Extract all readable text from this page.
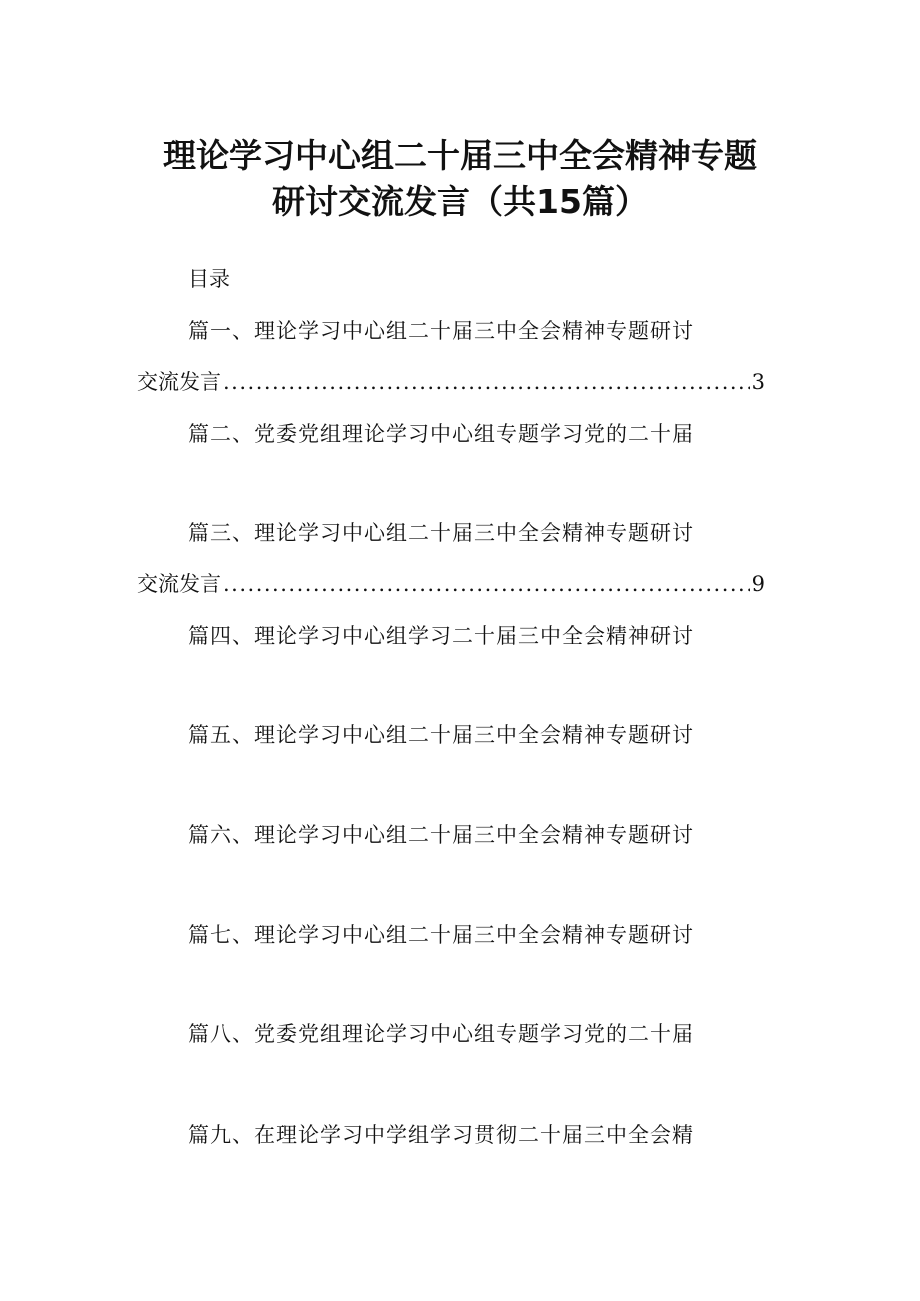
理论学习中心组二十届三中全会精神专题
研讨交流发言（共15篇）
目录
篇一、理论学习中心组二十届三中全会精神专题研讨
交流发言 .....	3
篇二、党委党组理论学习中心组专题学习党的二十届
篇三、理论学习中心组二十届三中全会精神专题研讨
交流发言 .....	9
篇四、理论学习中心组学习二十届三中全会精神研讨
篇五、理论学习中心组二十届三中全会精神专题研讨
篇六、理论学习中心组二十届三中全会精神专题研讨
篇七、理论学习中心组二十届三中全会精神专题研讨
篇八、党委党组理论学习中心组专题学习党的二十届
篇九、在理论学习中学组学习贯彻二十届三中全会精
